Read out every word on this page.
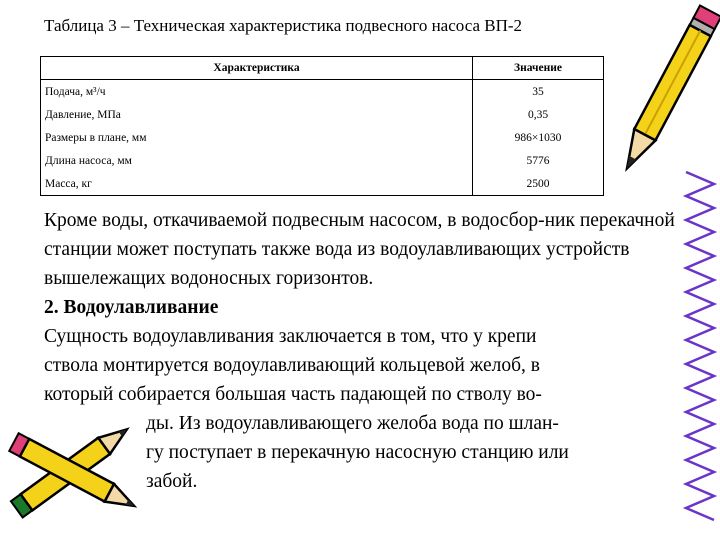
Таблица 3 – Техническая характеристика подвесного насоса ВП-2
Характеристика	Значение
Подача, м³/ч	35
Давление, МПа	0,35
Размеры в плане, мм	986×1030
Длина насоса, мм	5776
Масса, кг	2500

Кроме воды, откачиваемой подвесным насосом, в водосбор-ник перекачной станции может поступать также вода из водоулавливающих устройств вышележащих водоносных горизонтов.

2. Водоулавливание

Сущность водоулавливания заключается в том, что у крепи

ствола монтируется водоулавливающий кольцевой желоб, в

который собирается большая часть падающей по стволу во-

ды. Из водоулавливающего желоба вода по шлан-

гу поступает в перекачную насосную станцию или

забой.
